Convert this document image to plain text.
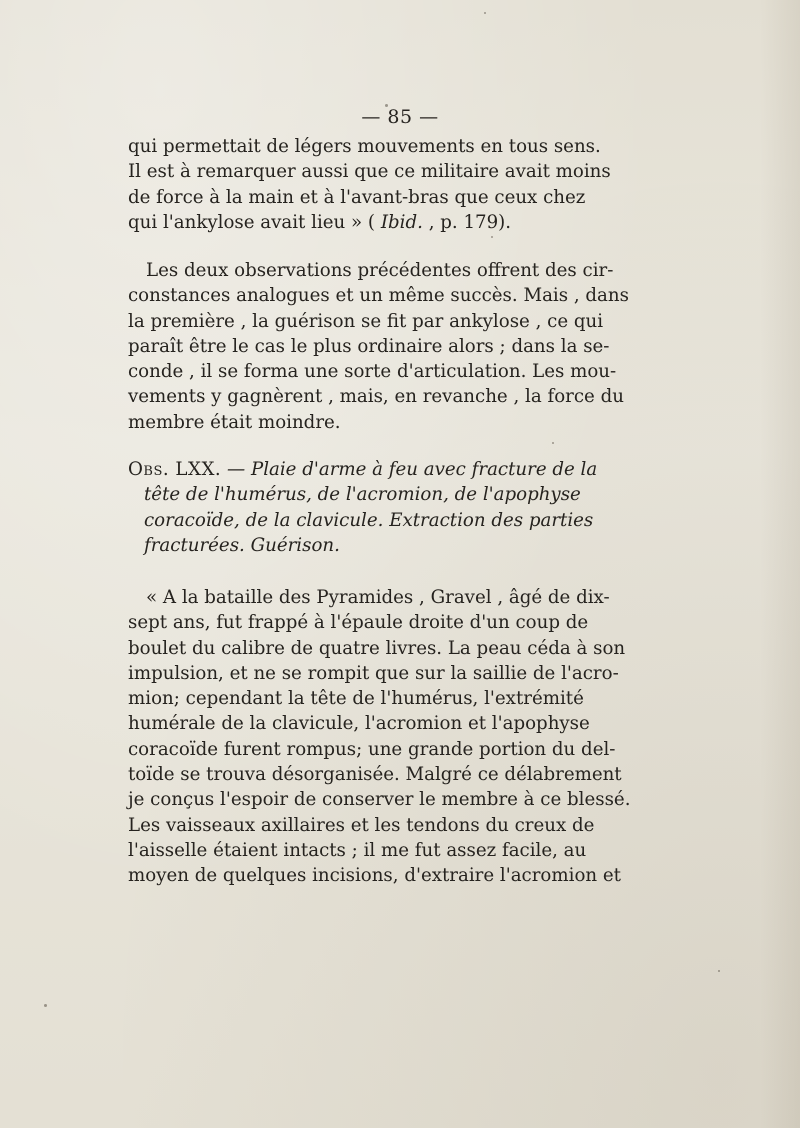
— 85 —
qui permettait de légers mouvements en tous sens.
Il est à remarquer aussi que ce militaire avait moins
de force à la main et à l'avant-bras que ceux chez
qui l'ankylose avait lieu » ( Ibid. , p. 179).
Les deux observations précédentes offrent des cir-
constances analogues et un même succès. Mais , dans
la première , la guérison se fit par ankylose , ce qui
paraît être le cas le plus ordinaire alors ; dans la se-
conde , il se forma une sorte d'articulation. Les mou-
vements y gagnèrent , mais, en revanche , la force du
membre était moindre.
Obs. LXX. — Plaie d'arme à feu avec fracture de la
tête de l'humérus, de l'acromion, de l'apophyse
coracoïde, de la clavicule. Extraction des parties
fracturées. Guérison.
« A la bataille des Pyramides , Gravel , âgé de dix-
sept ans, fut frappé à l'épaule droite d'un coup de
boulet du calibre de quatre livres. La peau céda à son
impulsion, et ne se rompit que sur la saillie de l'acro-
mion; cependant la tête de l'humérus, l'extrémité
humérale de la clavicule, l'acromion et l'apophyse
coracoïde furent rompus; une grande portion du del-
toïde se trouva désorganisée. Malgré ce délabrement
je conçus l'espoir de conserver le membre à ce blessé.
Les vaisseaux axillaires et les tendons du creux de
l'aisselle étaient intacts ; il me fut assez facile, au
moyen de quelques incisions, d'extraire l'acromion et
